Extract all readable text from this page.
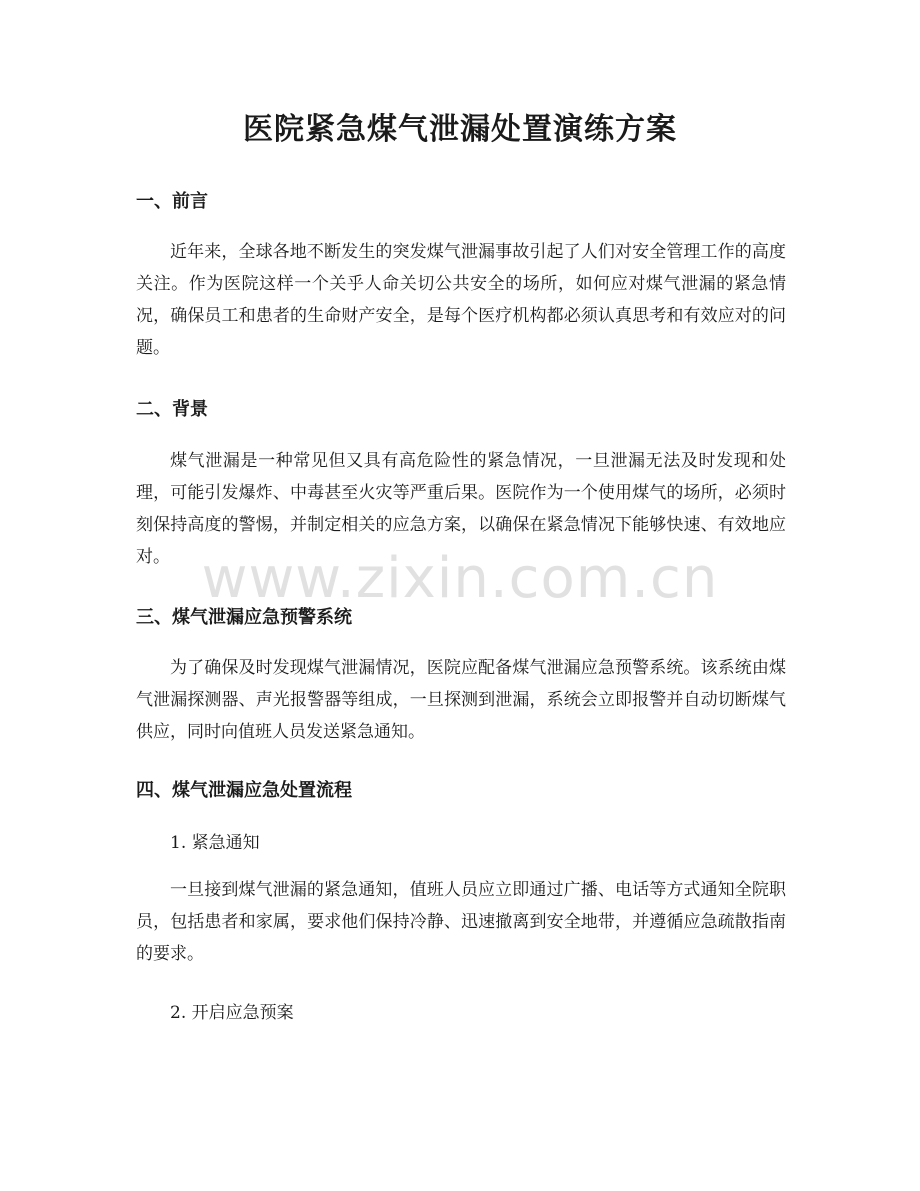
医院紧急煤气泄漏处置演练方案
一、前言

近年来，全球各地不断发生的突发煤气泄漏事故引起了人们对安全管理工作的高度关注。作为医院这样一个关乎人命关切公共安全的场所，如何应对煤气泄漏的紧急情况，确保员工和患者的生命财产安全，是每个医疗机构都必须认真思考和有效应对的问题。

二、背景

煤气泄漏是一种常见但又具有高危险性的紧急情况，一旦泄漏无法及时发现和处理，可能引发爆炸、中毒甚至火灾等严重后果。医院作为一个使用煤气的场所，必须时刻保持高度的警惕，并制定相关的应急方案，以确保在紧急情况下能够快速、有效地应对。

三、煤气泄漏应急预警系统

为了确保及时发现煤气泄漏情况，医院应配备煤气泄漏应急预警系统。该系统由煤气泄漏探测器、声光报警器等组成，一旦探测到泄漏，系统会立即报警并自动切断煤气供应，同时向值班人员发送紧急通知。

四、煤气泄漏应急处置流程
1. 紧急通知

一旦接到煤气泄漏的紧急通知，值班人员应立即通过广播、电话等方式通知全院职员，包括患者和家属，要求他们保持冷静、迅速撤离到安全地带，并遵循应急疏散指南的要求。

2. 开启应急预案
www.zixin.com.cn
